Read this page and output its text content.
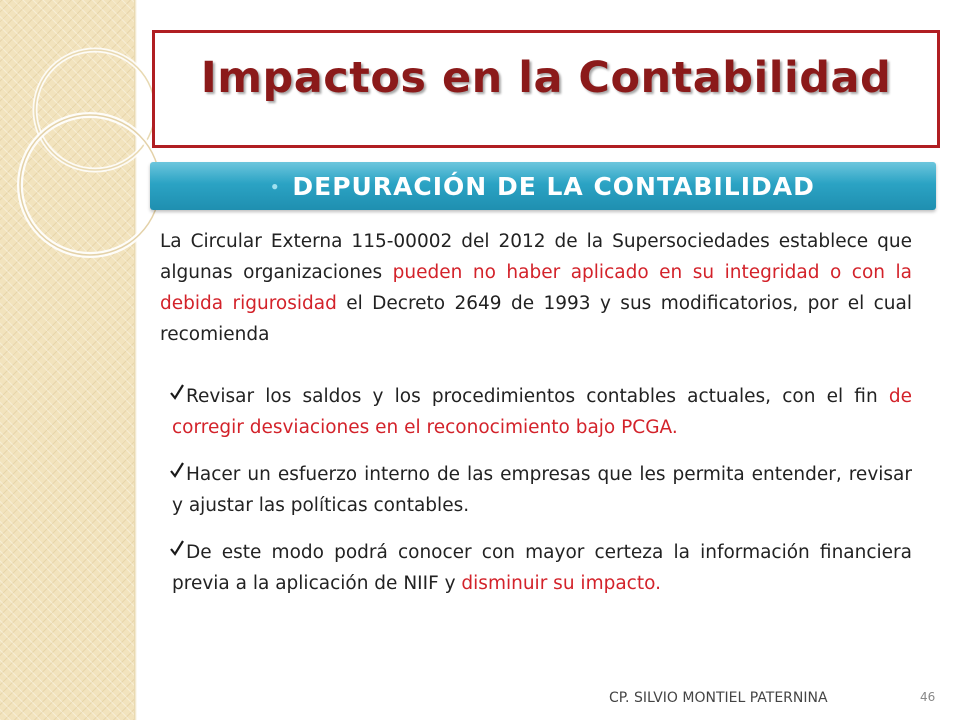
Impactos en la Contabilidad
● DEPURACIÓN DE LA CONTABILIDAD

La Circular Externa 115-00002 del 2012 de la Supersociedades establece que algunas organizaciones pueden no haber aplicado en su integridad o con la debida rigurosidad el Decreto 2649 de 1993 y sus modificatorios, por el cual recomienda

Revisar los saldos y los procedimientos contables actuales, con el fin de corregir desviaciones en el reconocimiento bajo PCGA.
Hacer un esfuerzo interno de las empresas que les permita entender, revisar y ajustar las políticas contables.
De este modo podrá conocer con mayor certeza la información financiera previa a la aplicación de NIIF y disminuir su impacto.
CP. SILVIO MONTIEL PATERNINA	46
